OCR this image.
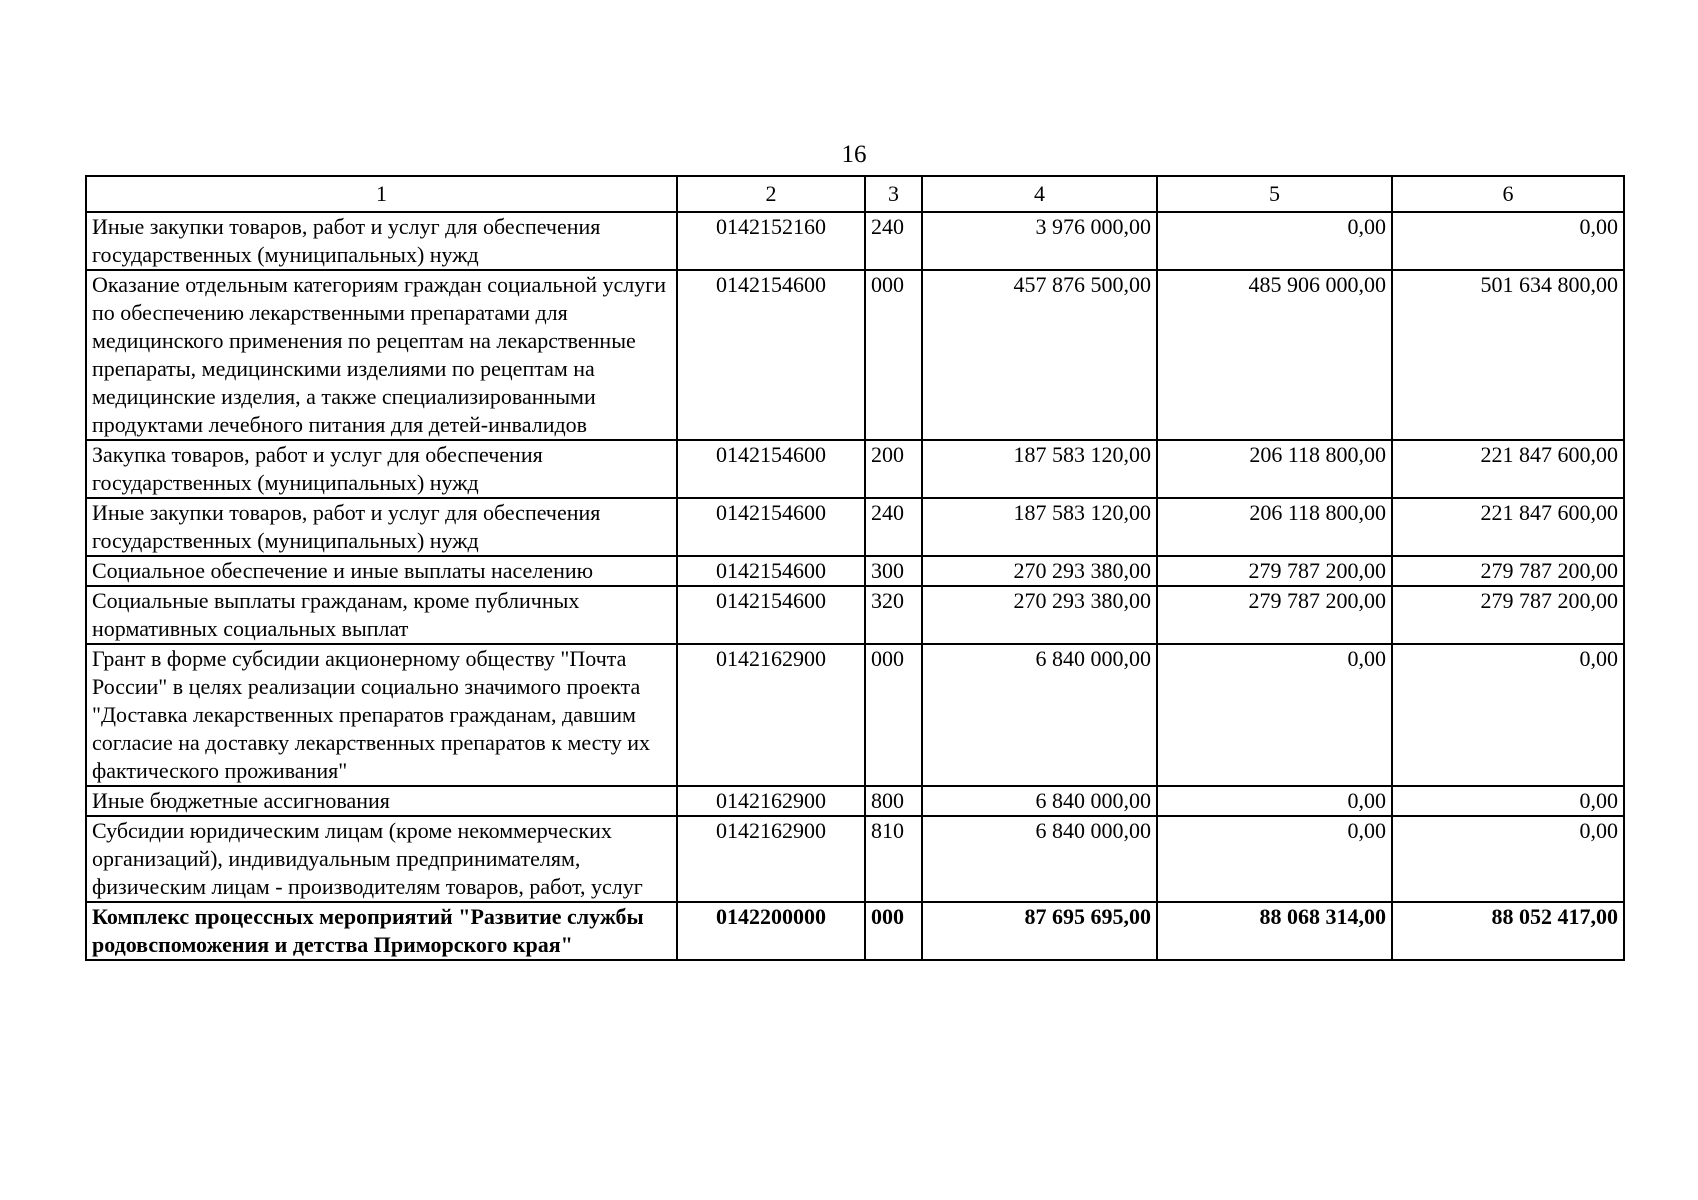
16
1	2	3	4	5	6
Иные закупки товаров, работ и услуг для обеспечения государственных (муниципальных) нужд	0142152160	240	3 976 000,00	0,00	0,00
Оказание отдельным категориям граждан социальной услуги по обеспечению лекарственными препаратами для медицинского применения по рецептам на лекарственные препараты, медицинскими изделиями по рецептам на медицинские изделия, а также специализированными продуктами лечебного питания для детей-инвалидов	0142154600	000	457 876 500,00	485 906 000,00	501 634 800,00
Закупка товаров, работ и услуг для обеспечения государственных (муниципальных) нужд	0142154600	200	187 583 120,00	206 118 800,00	221 847 600,00
Иные закупки товаров, работ и услуг для обеспечения государственных (муниципальных) нужд	0142154600	240	187 583 120,00	206 118 800,00	221 847 600,00
Социальное обеспечение и иные выплаты населению	0142154600	300	270 293 380,00	279 787 200,00	279 787 200,00
Социальные выплаты гражданам, кроме публичных нормативных социальных выплат	0142154600	320	270 293 380,00	279 787 200,00	279 787 200,00
Грант в форме субсидии акционерному обществу "Почта России" в целях реализации социально значимого проекта "Доставка лекарственных препаратов гражданам, давшим согласие на доставку лекарственных препаратов к месту их фактического проживания"	0142162900	000	6 840 000,00	0,00	0,00
Иные бюджетные ассигнования	0142162900	800	6 840 000,00	0,00	0,00
Субсидии юридическим лицам (кроме некоммерческих организаций), индивидуальным предпринимателям, физическим лицам - производителям товаров, работ, услуг	0142162900	810	6 840 000,00	0,00	0,00
Комплекс процессных мероприятий "Развитие службы родовспоможения и детства Приморского края"	0142200000	000	87 695 695,00	88 068 314,00	88 052 417,00
